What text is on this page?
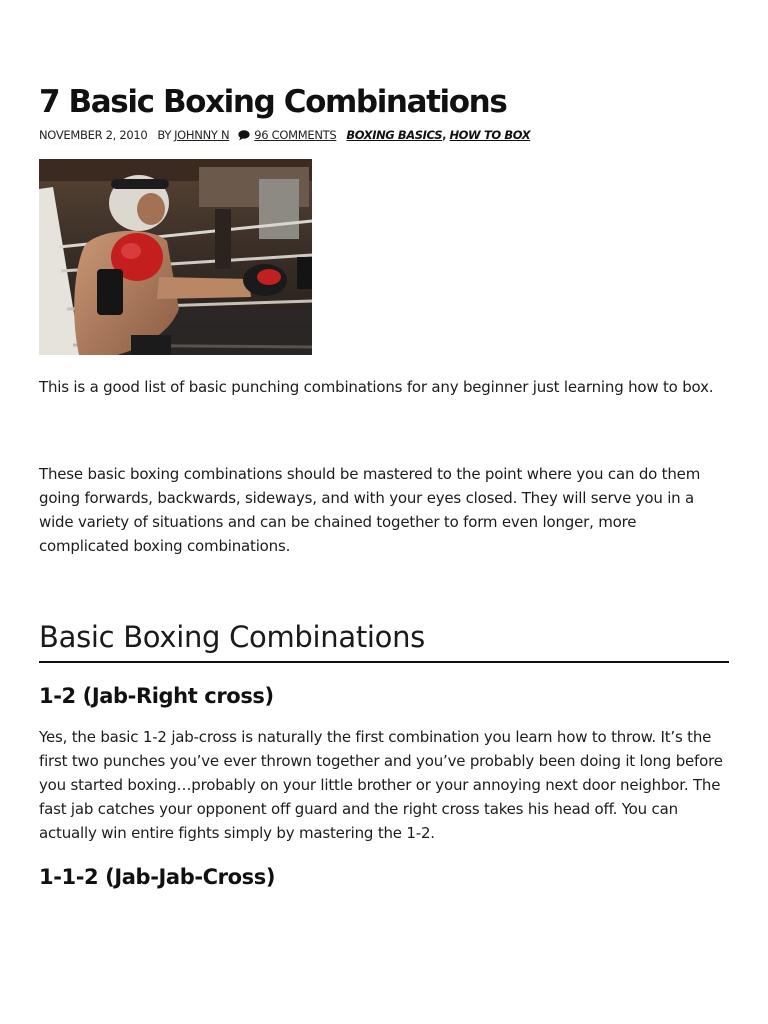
7 Basic Boxing Combinations
NOVEMBER 2, 2010 BY JOHNNY N 96 COMMENTS BOXING BASICS , HOW TO BOX

This is a good list of basic punching combinations for any beginner just learning how to box.

These basic boxing combinations should be mastered to the point where you can do them going forwards, backwards, sideways, and with your eyes closed. They will serve you in a wide variety of situations and can be chained together to form even longer, more complicated boxing combinations.

Basic Boxing Combinations
1-2 (Jab-Right cross)

Yes, the basic 1-2 jab-cross is naturally the first combination you learn how to throw. It’s the first two punches you’ve ever thrown together and you’ve probably been doing it long before you started boxing…probably on your little brother or your annoying next door neighbor. The fast jab catches your opponent off guard and the right cross takes his head off. You can actually win entire fights simply by mastering the 1-2.

1-1-2 (Jab-Jab-Cross)
